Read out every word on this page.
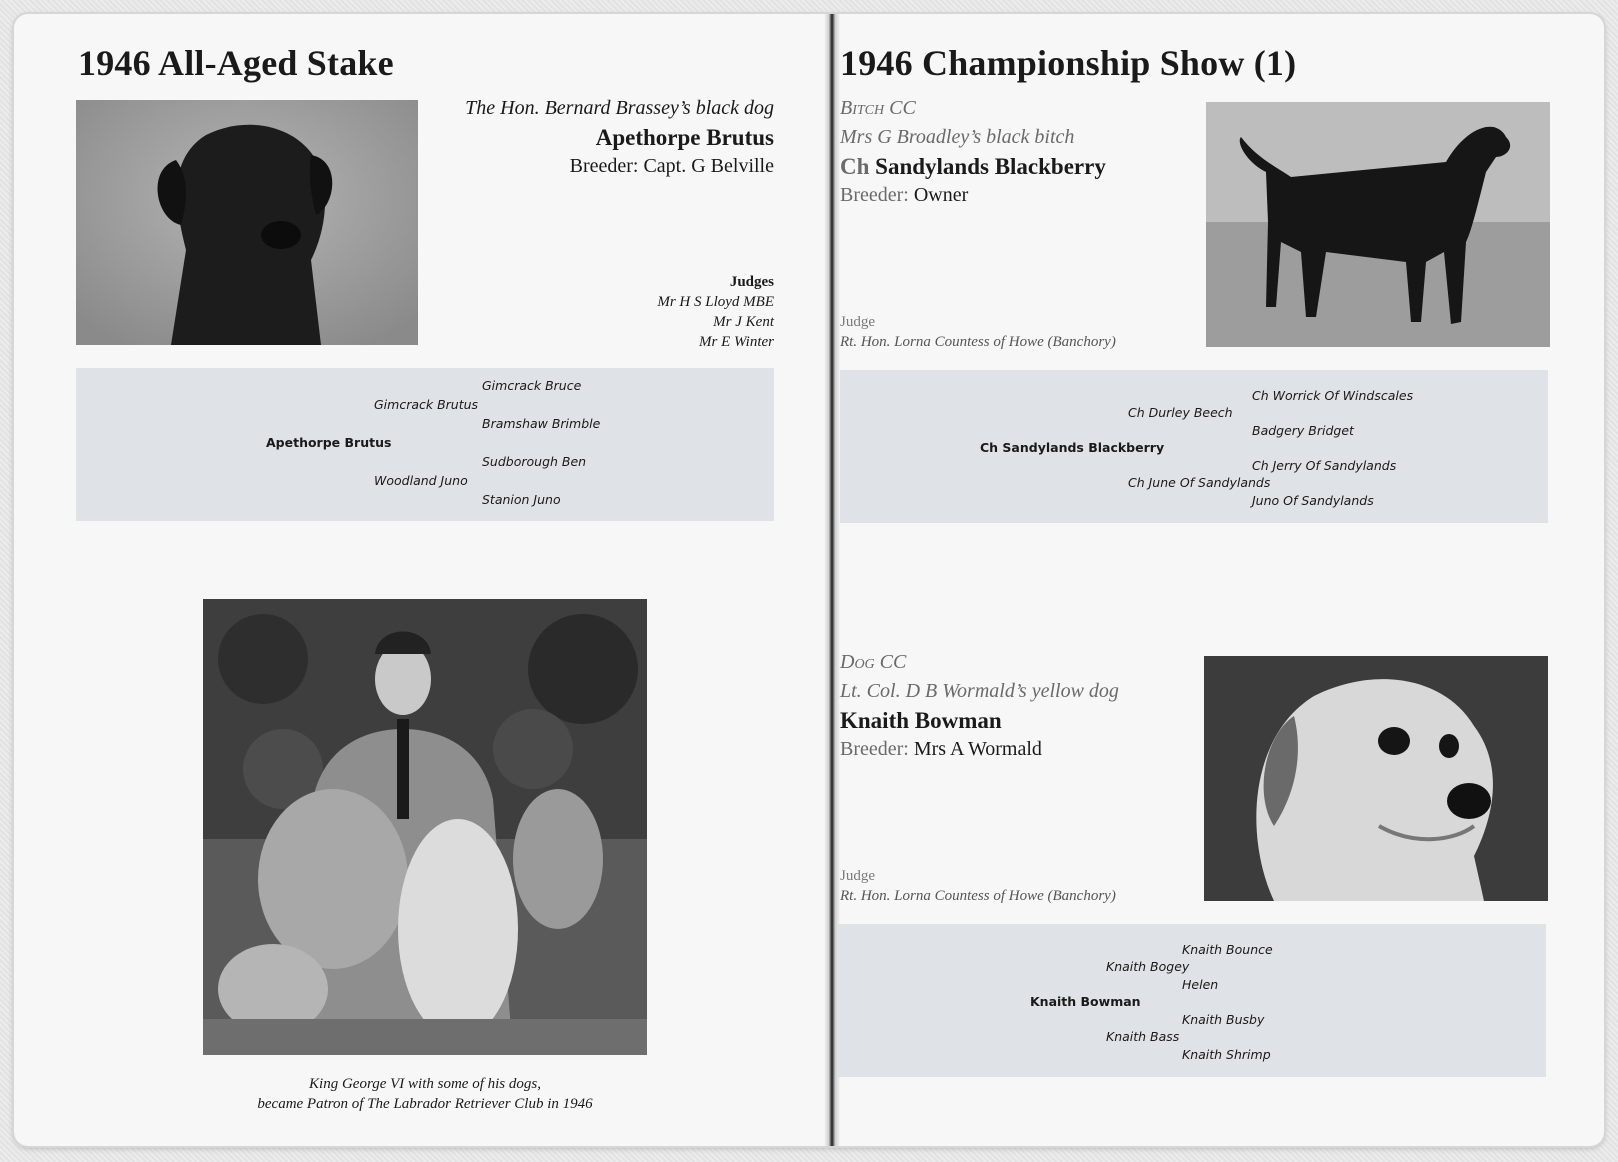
1946 All-Aged Stake
The Hon. Bernard Brassey’s black dog
Apethorpe Brutus
Breeder: Capt. G Belville
Judges
Mr H S Lloyd MBE
Mr J Kent
Mr E Winter
Apethorpe Brutus
Gimcrack Brutus
Woodland Juno
Gimcrack Bruce
Bramshaw Brimble
Sudborough Ben
Stanion Juno
King George VI with some of his dogs,
became Patron of The Labrador Retriever Club in 1946
1946 Championship Show (1)
Bitch CC
Mrs G Broadley’s black bitch
Ch Sandylands Blackberry
Breeder: Owner
Judge
Rt. Hon. Lorna Countess of Howe (Banchory)
Ch Sandylands Blackberry
Ch Durley Beech
Ch June Of Sandylands
Ch Worrick Of Windscales
Badgery Bridget
Ch Jerry Of Sandylands
Juno Of Sandylands
Dog CC
Lt. Col. D B Wormald’s yellow dog
Knaith Bowman
Breeder: Mrs A Wormald
Judge
Rt. Hon. Lorna Countess of Howe (Banchory)
Knaith Bowman
Knaith Bogey
Knaith Bass
Knaith Bounce
Helen
Knaith Busby
Knaith Shrimp
